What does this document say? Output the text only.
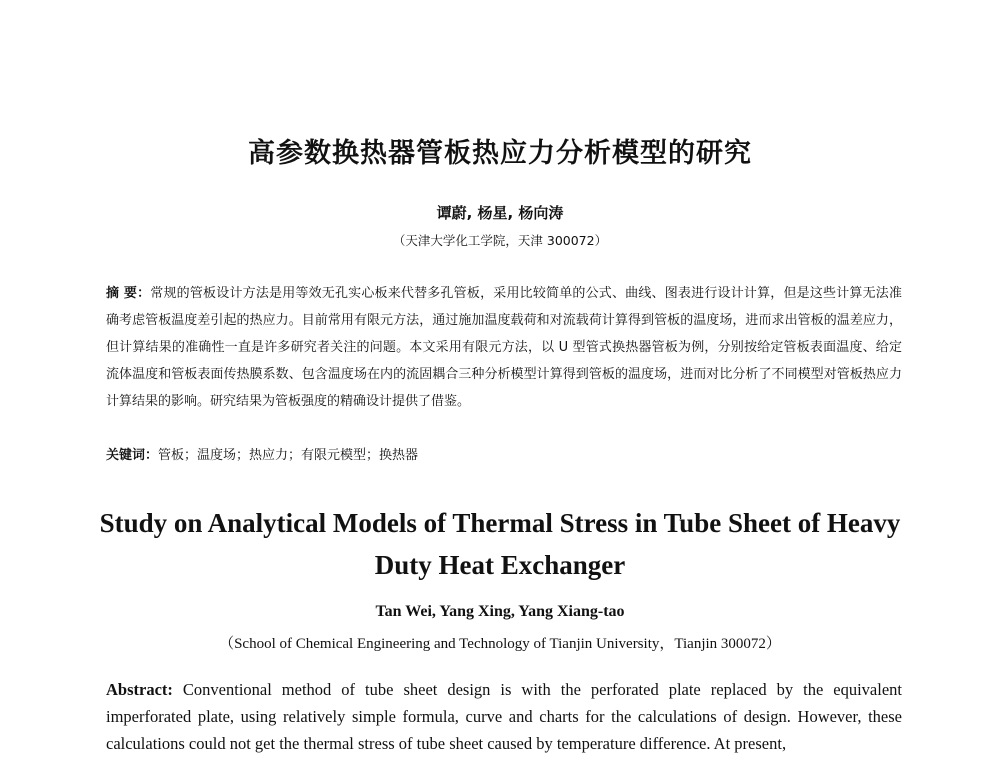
高参数换热器管板热应力分析模型的研究
谭蔚, 杨星, 杨向涛
（天津大学化工学院，天津 300072）
摘 要：常规的管板设计方法是用等效无孔实心板来代替多孔管板，采用比较简单的公式、曲线、图表进行设计计算，但是这些计算无法准确考虑管板温度差引起的热应力。目前常用有限元方法，通过施加温度载荷和对流载荷计算得到管板的温度场，进而求出管板的温差应力，但计算结果的准确性一直是许多研究者关注的问题。本文采用有限元方法，以 U 型管式换热器管板为例，分别按给定管板表面温度、给定流体温度和管板表面传热膜系数、包含温度场在内的流固耦合三种分析模型计算得到管板的温度场，进而对比分析了不同模型对管板热应力计算结果的影响。研究结果为管板强度的精确设计提供了借鉴。
关键词：管板；温度场；热应力；有限元模型；换热器
Study on Analytical Models of Thermal Stress in Tube Sheet of Heavy Duty Heat Exchanger
Tan Wei, Yang Xing, Yang Xiang-tao
（School of Chemical Engineering and Technology of Tianjin University，Tianjin 300072）
Abstract: Conventional method of tube sheet design is with the perforated plate replaced by the equivalent imperforated plate, using relatively simple formula, curve and charts for the calculations of design. However, these calculations could not get the thermal stress of tube sheet caused by temperature difference. At present,
